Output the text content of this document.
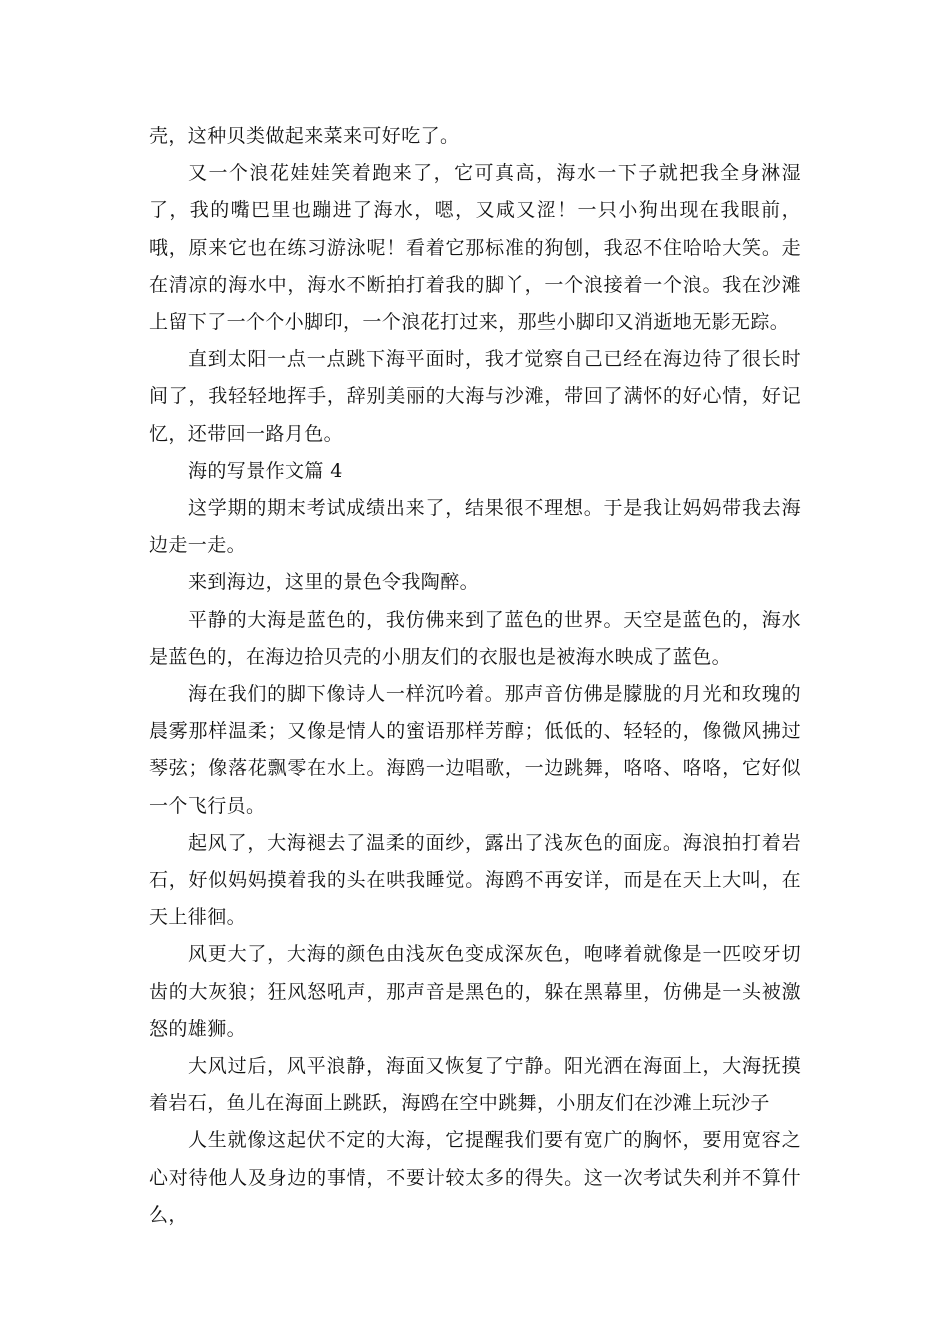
壳，这种贝类做起来菜来可好吃了。

又一个浪花娃娃笑着跑来了，它可真高，海水一下子就把我全身淋湿了，我的嘴巴里也蹦进了海水，嗯，又咸又涩！一只小狗出现在我眼前，哦，原来它也在练习游泳呢！看着它那标准的狗刨，我忍不住哈哈大笑。走在清凉的海水中，海水不断拍打着我的脚丫，一个浪接着一个浪。我在沙滩上留下了一个个小脚印，一个浪花打过来，那些小脚印又消逝地无影无踪。

直到太阳一点一点跳下海平面时，我才觉察自己已经在海边待了很长时间了，我轻轻地挥手，辞别美丽的大海与沙滩，带回了满怀的好心情，好记忆，还带回一路月色。

海的写景作文篇 4

这学期的期末考试成绩出来了，结果很不理想。于是我让妈妈带我去海边走一走。

来到海边，这里的景色令我陶醉。

平静的大海是蓝色的，我仿佛来到了蓝色的世界。天空是蓝色的，海水是蓝色的，在海边拾贝壳的小朋友们的衣服也是被海水映成了蓝色。

海在我们的脚下像诗人一样沉吟着。那声音仿佛是朦胧的月光和玫瑰的晨雾那样温柔；又像是情人的蜜语那样芳醇；低低的、轻轻的，像微风拂过琴弦；像落花飘零在水上。海鸥一边唱歌，一边跳舞，咯咯、咯咯，它好似一个飞行员。

起风了，大海褪去了温柔的面纱，露出了浅灰色的面庞。海浪拍打着岩石，好似妈妈摸着我的头在哄我睡觉。海鸥不再安详，而是在天上大叫，在天上徘徊。

风更大了，大海的颜色由浅灰色变成深灰色，咆哮着就像是一匹咬牙切齿的大灰狼；狂风怒吼声，那声音是黑色的，躲在黑幕里，仿佛是一头被激怒的雄狮。

大风过后，风平浪静，海面又恢复了宁静。阳光洒在海面上，大海抚摸着岩石，鱼儿在海面上跳跃，海鸥在空中跳舞，小朋友们在沙滩上玩沙子

人生就像这起伏不定的大海，它提醒我们要有宽广的胸怀，要用宽容之心对待他人及身边的事情，不要计较太多的得失。这一次考试失利并不算什么，
